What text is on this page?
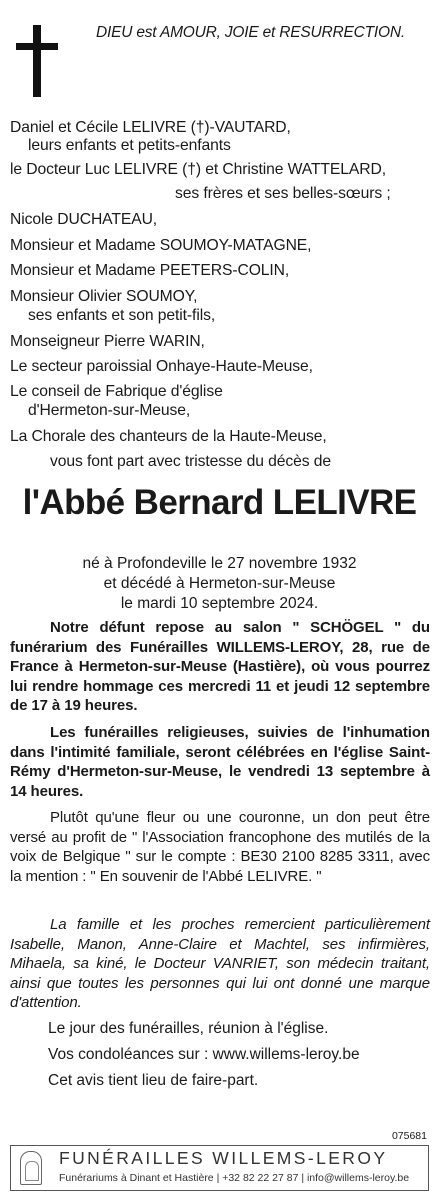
DIEU est AMOUR, JOIE et RESURRECTION.
Daniel et Cécile LELIVRE (†)-VAUTARD,
leurs enfants et petits-enfants
le Docteur Luc LELIVRE (†) et Christine WATTELARD,
ses frères et ses belles-sœurs ;
Nicole DUCHATEAU,
Monsieur et Madame SOUMOY-MATAGNE,
Monsieur et Madame PEETERS-COLIN,
Monsieur Olivier SOUMOY,
ses enfants et son petit-fils,
Monseigneur Pierre WARIN,
Le secteur paroissial Onhaye-Haute-Meuse,
Le conseil de Fabrique d'église
d'Hermeton-sur-Meuse,
La Chorale des chanteurs de la Haute-Meuse,
vous font part avec tristesse du décès de
l'Abbé Bernard LELIVRE
né à Profondeville le 27 novembre 1932
et décédé à Hermeton-sur-Meuse
le mardi 10 septembre 2024.
Notre défunt repose au salon " SCHÖGEL " du funérarium des Funérailles WILLEMS-LEROY, 28, rue de France à Hermeton-sur-Meuse (Hastière), où vous pourrez lui rendre hommage ces mercredi 11 et jeudi 12 septembre de 17 à 19 heures.
Les funérailles religieuses, suivies de l'inhumation dans l'intimité familiale, seront célébrées en l'église Saint-Rémy d'Hermeton-sur-Meuse, le vendredi 13 septembre à 14 heures.
Plutôt qu'une fleur ou une couronne, un don peut être versé au profit de " l'Association francophone des mutilés de la voix de Belgique " sur le compte : BE30 2100 8285 3311, avec la mention : " En souvenir de l'Abbé LELIVRE. "
La famille et les proches remercient particulièrement Isabelle, Manon, Anne-Claire et Machtel, ses infirmières, Mihaela, sa kiné, le Docteur VANRIET, son médecin traitant, ainsi que toutes les personnes qui lui ont donné une marque d'attention.
Le jour des funérailles, réunion à l'église.
Vos condoléances sur : www.willems-leroy.be
Cet avis tient lieu de faire-part.
075681
FUNÉRAILLES WILLEMS-LEROY
Funérariums à Dinant et Hastière | +32 82 22 27 87 | info@willems-leroy.be
